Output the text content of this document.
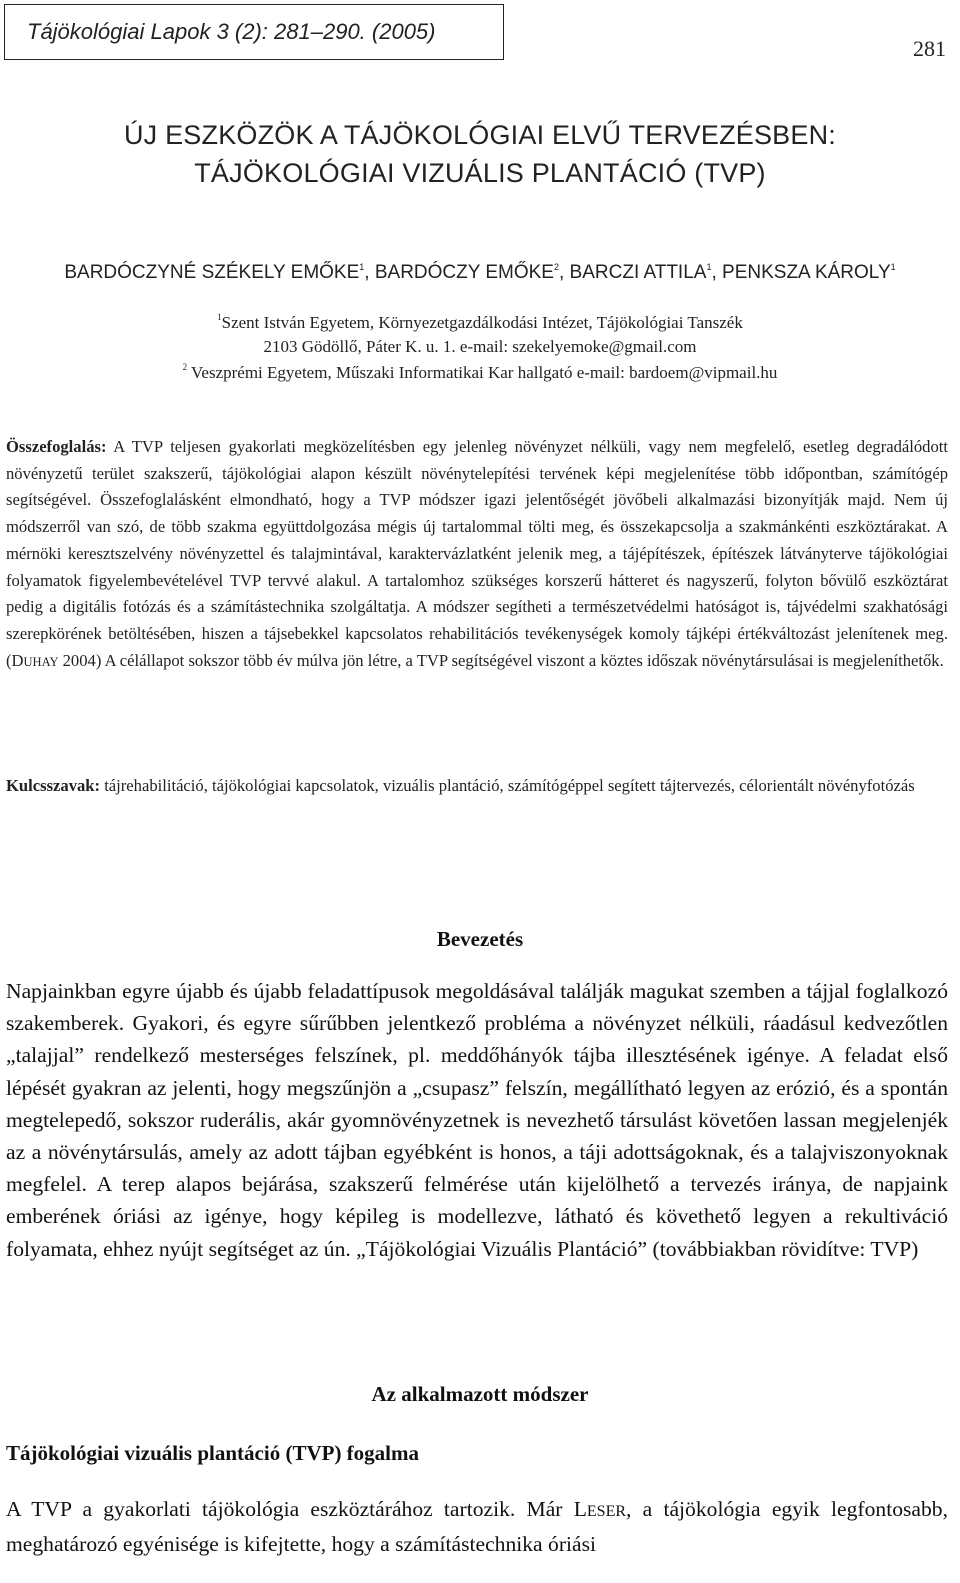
Tájökológiai Lapok 3 (2): 281–290. (2005)
281
ÚJ ESZKÖZÖK A TÁJÖKOLÓGIAI ELVŰ TERVEZÉSBEN:
TÁJÖKOLÓGIAI VIZUÁLIS PLANTÁCIÓ (TVP)
BARDÓCZYNÉ SZÉKELY EMŐKE$^1$, BARDÓCZY EMŐKE$^2$, BARCZI ATTILA$^1$, PENKSZA KÁROLY$^1$
$^1$Szent István Egyetem, Környezetgazdálkodási Intézet, Tájökológiai Tanszék
2103 Gödöllő, Páter K. u. 1. e-mail: szekelyemoke@gmail.com
$^2$ Veszprémi Egyetem, Műszaki Informatikai Kar hallgató e-mail: bardoem@vipmail.hu

Összefoglalás: A TVP teljesen gyakorlati megközelítésben egy jelenleg növényzet nélküli, vagy nem megfelelő, esetleg degradálódott növényzetű terület szakszerű, tájökológiai alapon készült növénytelepítési tervének képi megjelenítése több időpontban, számítógép segítségével. Összefoglalásként elmondható, hogy a TVP módszer igazi jelentőségét jövőbeli alkalmazási bizonyítják majd. Nem új módszerről van szó, de több szakma együttdolgozása mégis új tartalommal tölti meg, és összekapcsolja a szakmánkénti eszköztárakat. A mérnöki keresztszelvény növényzettel és talajmintával, karaktervázlatként jelenik meg, a tájépítészek, építészek látványterve tájökológiai folyamatok figyelembevételével TVP tervvé alakul. A tartalomhoz szükséges korszerű hátteret és nagyszerű, folyton bővülő eszköztárat pedig a digitális fotózás és a számítástechnika szolgáltatja. A módszer segítheti a természetvédelmi hatóságot is, tájvédelmi szakhatósági szerepkörének betöltésében, hiszen a tájsebekkel kapcsolatos rehabilitációs tevékenységek komoly tájképi értékváltozást jelenítenek meg. (DUHAY 2004) A célállapot sokszor több év múlva jön létre, a TVP segítségével viszont a köztes időszak növénytársulásai is megjeleníthetők.

Kulcsszavak: tájrehabilitáció, tájökológiai kapcsolatok, vizuális plantáció, számítógéppel segített tájtervezés, célorientált növényfotózás

Bevezetés

Napjainkban egyre újabb és újabb feladattípusok megoldásával találják magukat szemben a tájjal foglalkozó szakemberek. Gyakori, és egyre sűrűbben jelentkező probléma a növényzet nélküli, ráadásul kedvezőtlen „talajjal” rendelkező mesterséges felszínek, pl. meddőhányók tájba illesztésének igénye. A feladat első lépését gyakran az jelenti, hogy megszűnjön a „csupasz” felszín, megállítható legyen az erózió, és a spontán megtelepedő, sokszor ruderális, akár gyomnövényzetnek is nevezhető társulást követően lassan megjelenjék az a növénytársulás, amely az adott tájban egyébként is honos, a táji adottságoknak, és a talajviszonyoknak megfelel. A terep alapos bejárása, szakszerű felmérése után kijelölhető a tervezés iránya, de napjaink emberének óriási az igénye, hogy képileg is modellezve, látható és követhető legyen a rekultiváció folyamata, ehhez nyújt segítséget az ún. „Tájökológiai Vizuális Plantáció” (továbbiakban rövidítve: TVP)

Az alkalmazott módszer
Tájökológiai vizuális plantáció (TVP) fogalma

A TVP a gyakorlati tájökológia eszköztárához tartozik. Már LESER, a tájökológia egyik legfontosabb, meghatározó egyénisége is kifejtette, hogy a számítástechnika óriási
